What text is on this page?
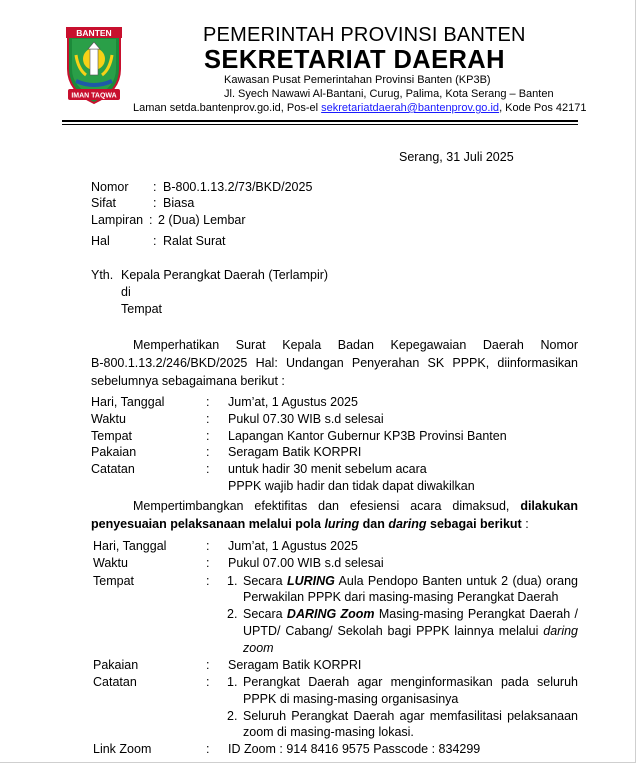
BANTEN
IMAN TAQWA
PEMERINTAH PROVINSI BANTEN
SEKRETARIAT DAERAH
Kawasan Pusat Pemerintahan Provinsi Banten (KP3B)
Jl. Syech Nawawi Al-Bantani, Curug, Palima, Kota Serang – Banten
Laman setda.bantenprov.go.id, Pos-el sekretariatdaerah@bantenprov.go.id, Kode Pos 42171
Serang, 31 Juli 2025
Nomor : B-800.1.13.2/73/BKD/2025
Sifat	: Biasa
Lampiran : 2 (Dua) Lembar
Hal	: Ralat Surat
Yth. Kepala Perangkat Daerah (Terlampir)
di
Tempat
Memperhatikan Surat Kepala Badan Kepegawaian Daerah Nomor
B-800.1.13.2/246/BKD/2025 Hal: Undangan Penyerahan SK PPPK, diinformasikan
sebelumnya sebagaimana berikut :
Hari, Tanggal	: Jum’at, 1 Agustus 2025
Waktu	: Pukul 07.30 WIB s.d selesai
Tempat	: Lapangan Kantor Gubernur KP3B Provinsi Banten
Pakaian	: Seragam Batik KORPRI
Catatan	: untuk hadir 30 menit sebelum acara
PPPK wajib hadir dan tidak dapat diwakilkan
Mempertimbangkan efektifitas dan efesiensi acara dimaksud, dilakukan
penyesuaian pelaksanaan melalui pola luring dan daring sebagai berikut :
Hari, Tanggal	: Jum’at, 1 Agustus 2025
Waktu	: Pukul 07.00 WIB s.d selesai
Tempat	: 1. Secara LURING Aula Pendopo Banten untuk 2 (dua) orang
Perwakilan PPPK dari masing-masing Perangkat Daerah
2. Secara DARING Zoom Masing-masing Perangkat Daerah /
UPTD/ Cabang/ Sekolah bagi PPPK lainnya melalui daring
zoom
Pakaian	: Seragam Batik KORPRI
Catatan	: 1. Perangkat Daerah agar menginformasikan pada seluruh
PPPK di masing-masing organisasinya
2. Seluruh Perangkat Daerah agar memfasilitasi pelaksanaan
zoom di masing-masing lokasi.
Link Zoom	: ID Zoom : 914 8416 9575 Passcode : 834299
